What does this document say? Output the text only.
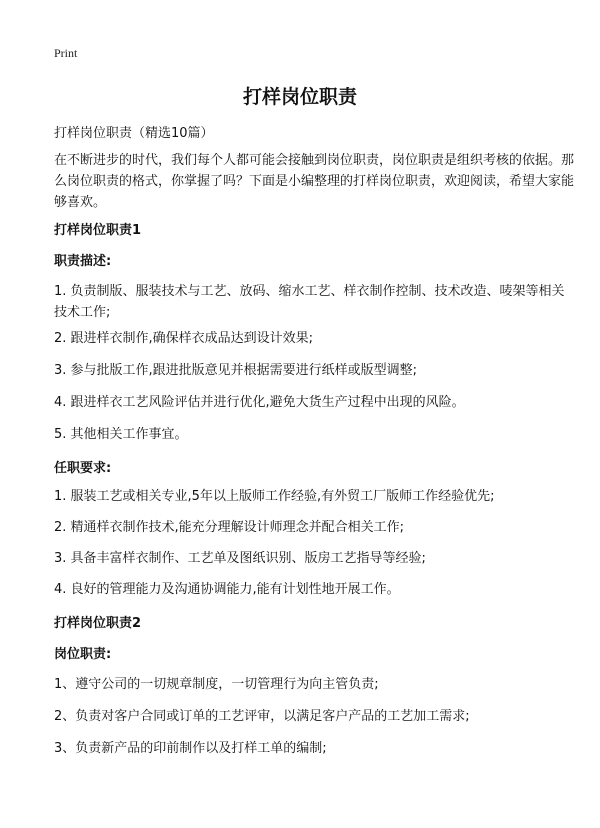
Print
打样岗位职责
打样岗位职责（精选10篇）
在不断进步的时代，我们每个人都可能会接触到岗位职责，岗位职责是组织考核的依据。那么岗位职责的格式，你掌握了吗？下面是小编整理的打样岗位职责，欢迎阅读，希望大家能够喜欢。
打样岗位职责1
职责描述:
1. 负责制版、服装技术与工艺、放码、缩水工艺、样衣制作控制、技术改造、唛架等相关技术工作;
2. 跟进样衣制作,确保样衣成品达到设计效果;
3. 参与批版工作,跟进批版意见并根据需要进行纸样或版型调整;
4. 跟进样衣工艺风险评估并进行优化,避免大货生产过程中出现的风险。
5. 其他相关工作事宜。
任职要求:
1. 服装工艺或相关专业,5年以上版师工作经验,有外贸工厂版师工作经验优先;
2. 精通样衣制作技术,能充分理解设计师理念并配合相关工作;
3. 具备丰富样衣制作、工艺单及图纸识别、版房工艺指导等经验;
4. 良好的管理能力及沟通协调能力,能有计划性地开展工作。
打样岗位职责2
岗位职责:
1、遵守公司的一切规章制度，一切管理行为向主管负责;
2、负责对客户合同或订单的工艺评审，以满足客户产品的工艺加工需求;
3、负责新产品的印前制作以及打样工单的编制;
